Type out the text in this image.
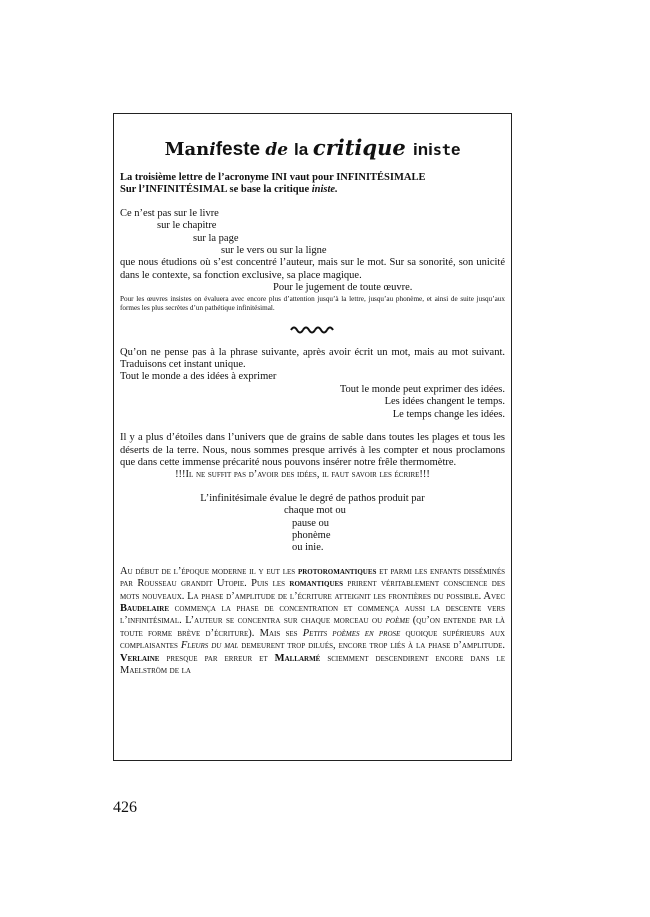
Manifeste de la critique iniste

La troisième lettre de l’acronyme INI vaut pour INFINITÉSIMALE

Sur l’INFINITÉSIMAL se base la critique iniste.

Ce n’est pas sur le livre

sur le chapitre

sur la page

sur le vers ou sur la ligne

que nous étudions où s’est concentré l’auteur, mais sur le mot. Sur sa sonorité, son unicité dans le contexte, sa fonction exclusive, sa place magique.

Pour le jugement de toute œuvre.

Pour les œuvres insistes on évaluera avec encore plus d’attention jusqu’à la lettre, jusqu’au phonème, et ainsi de suite jusqu’aux formes les plus secrètes d’un pathétique infinitésimal.

Qu’on ne pense pas à la phrase suivante, après avoir écrit un mot, mais au mot suivant. Traduisons cet instant unique.

Tout le monde a des idées à exprimer

Tout le monde peut exprimer des idées.

Les idées changent le temps.

Le temps change les idées.

Il y a plus d’étoiles dans l’univers que de grains de sable dans toutes les plages et tous les déserts de la terre. Nous, nous sommes presque arrivés à les compter et nous proclamons que dans cette immense précarité nous pouvons insérer notre frêle thermomètre.

!!!Il ne suffit pas d’avoir des idées, il faut savoir les écrire!!!

L’infinitésimale évalue le degré de pathos produit par

chaque mot ou

pause ou

phonème

ou inie.

Au début de l’époque moderne il y eut les protoromantiques et parmi les enfants disséminés par Rousseau grandit Utopie. Puis les romantiques prirent véritablement conscience des mots nouveaux. La phase d’amplitude de l’écriture atteignit les frontières du possible. Avec Baudelaire commença la phase de concentration et commença aussi la descente vers l’infinitésimal. L’auteur se concentra sur chaque morceau ou poème (qu’on entende par là toute forme brève d’écriture). Mais ses Petits poèmes en prose quoique supérieurs aux complaisantes Fleurs du mal demeurent trop dilués, encore trop liés à la phase d’amplitude. Verlaine presque par erreur et Mallarmé sciemment descendirent encore dans le Maelström de la

426
